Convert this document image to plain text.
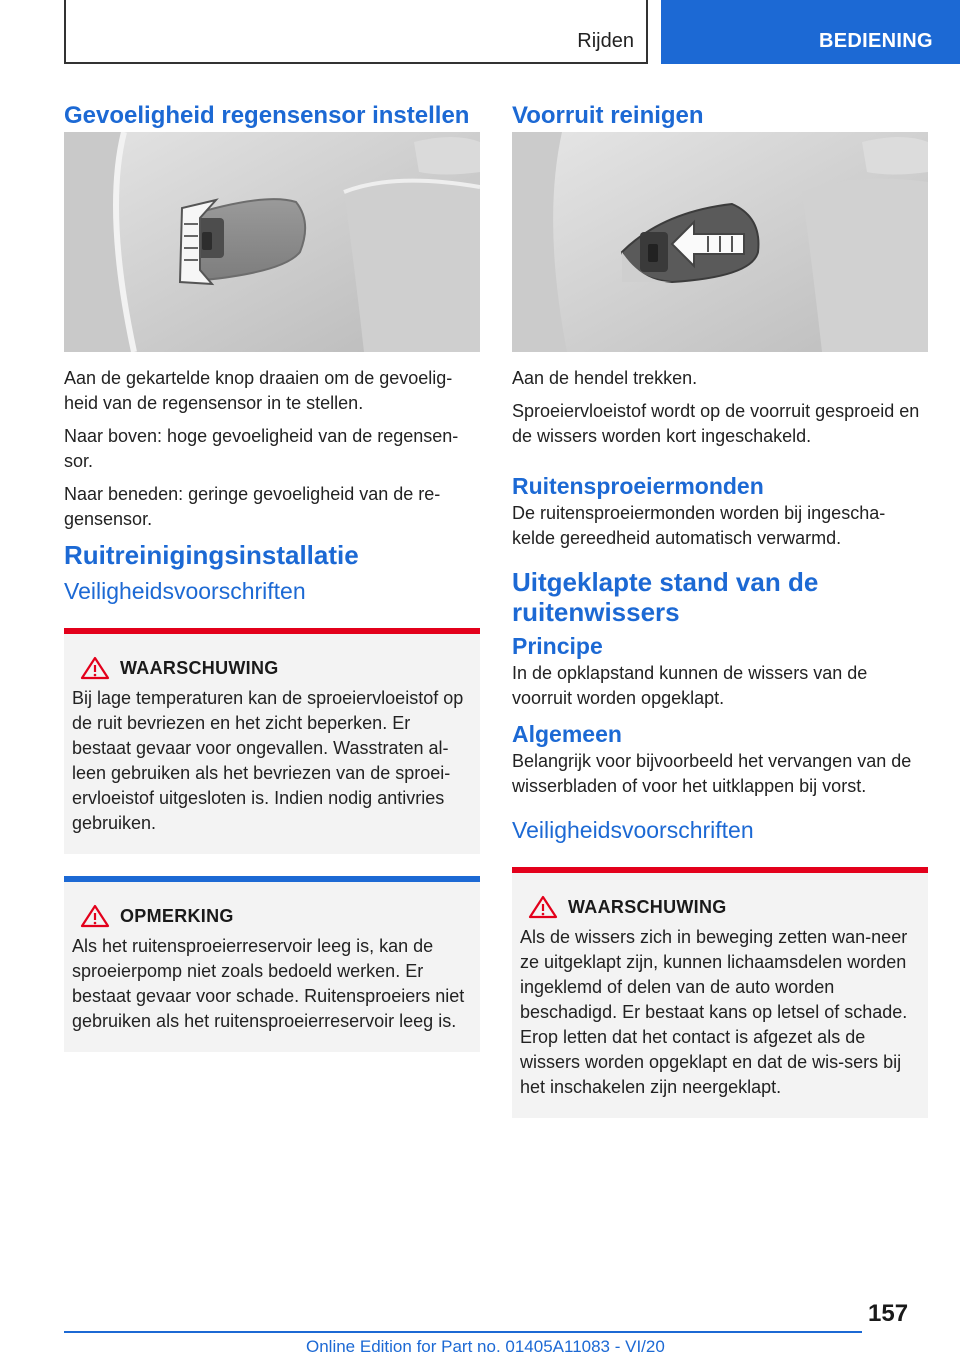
Rijden	BEDIENING
Gevoeligheid regensensor instellen

Aan de gekartelde knop draaien om de gevoelig-heid van de regensensor in te stellen.

Naar boven: hoge gevoeligheid van de regensen-sor.

Naar beneden: geringe gevoeligheid van de re-gensensor.

Ruitreinigingsinstallatie
Veiligheidsvoorschriften
WAARSCHUWING

Bij lage temperaturen kan de sproeiervloeistof op de ruit bevriezen en het zicht beperken. Er bestaat gevaar voor ongevallen. Wasstraten al-leen gebruiken als het bevriezen van de sproei-ervloeistof uitgesloten is. Indien nodig antivries gebruiken.

OPMERKING

Als het ruitensproeierreservoir leeg is, kan de sproeierpomp niet zoals bedoeld werken. Er bestaat gevaar voor schade. Ruitensproeiers niet gebruiken als het ruitensproeierreservoir leeg is.

Voorruit reinigen

Aan de hendel trekken.

Sproeiervloeistof wordt op de voorruit gesproeid en de wissers worden kort ingeschakeld.

Ruitensproeiermonden

De ruitensproeiermonden worden bij ingescha-kelde gereedheid automatisch verwarmd.

Uitgeklapte stand van de ruitenwissers
Principe

In de opklapstand kunnen de wissers van de voorruit worden opgeklapt.

Algemeen

Belangrijk voor bijvoorbeeld het vervangen van de wisserbladen of voor het uitklappen bij vorst.

Veiligheidsvoorschriften
WAARSCHUWING

Als de wissers zich in beweging zetten wan-neer ze uitgeklapt zijn, kunnen lichaamsdelen worden ingeklemd of delen van de auto worden beschadigd. Er bestaat kans op letsel of schade. Erop letten dat het contact is afgezet als de wissers worden opgeklapt en dat de wis-sers bij het inschakelen zijn neergeklapt.

157
Online Edition for Part no. 01405A11083 - VI/20
